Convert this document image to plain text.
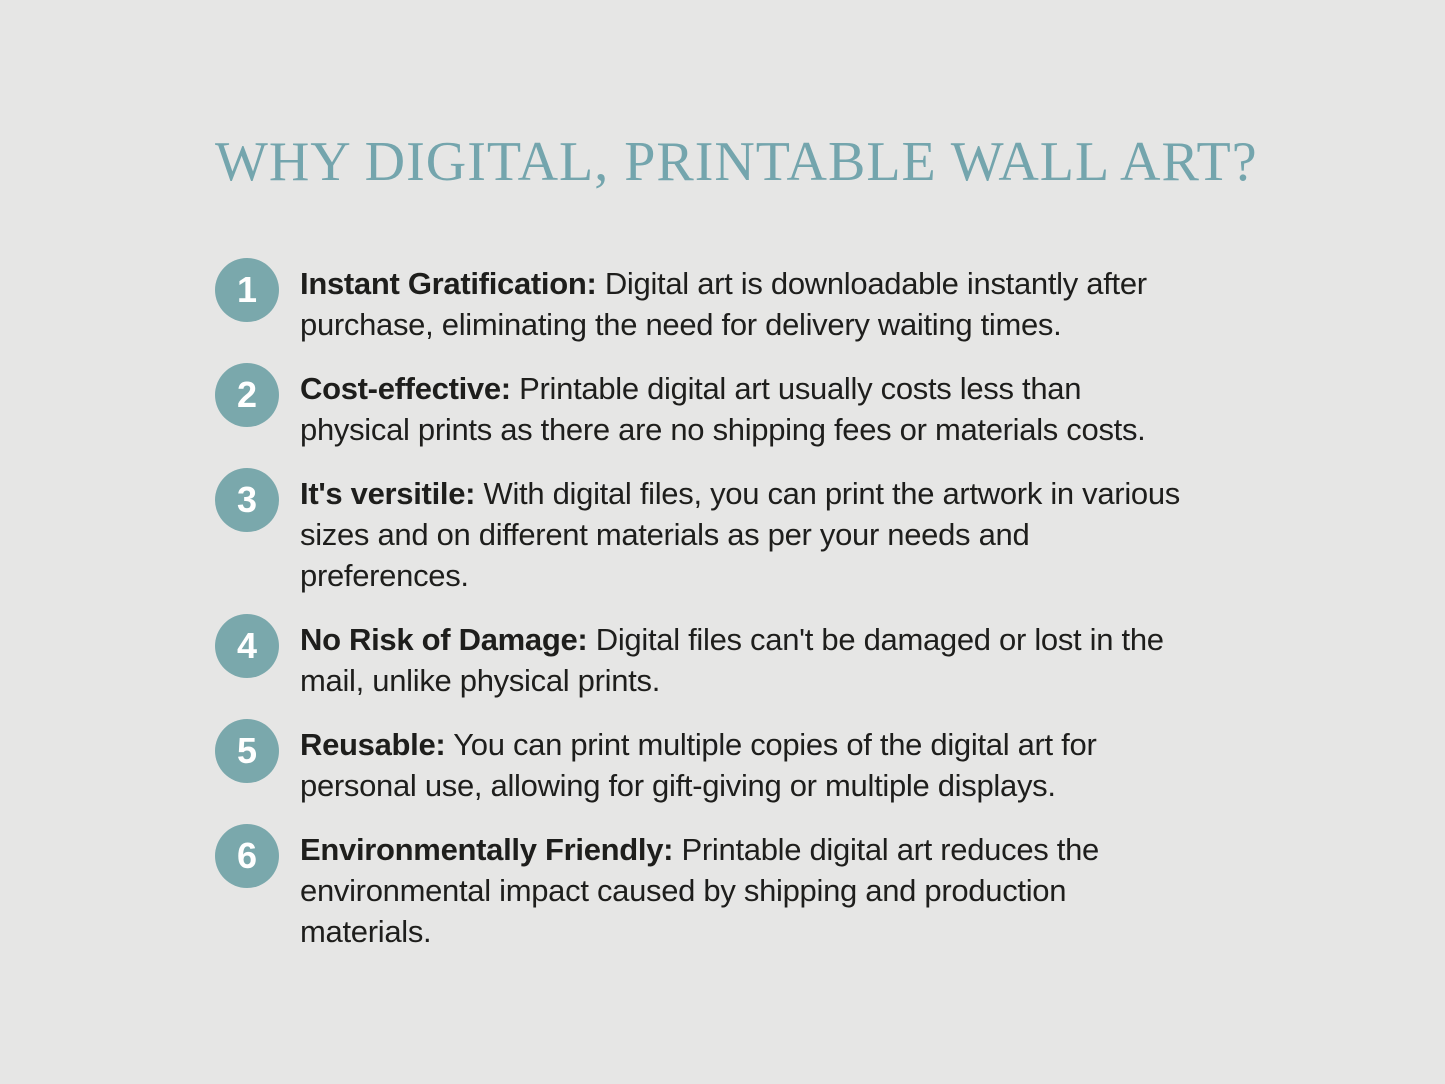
WHY DIGITAL, PRINTABLE WALL ART?
1	Instant Gratification: Digital art is downloadable instantly after
purchase, eliminating the need for delivery waiting times.

2	Cost-effective: Printable digital art usually costs less than
physical prints as there are no shipping fees or materials costs.

3	It's versitile: With digital files, you can print the artwork in various
sizes and on different materials as per your needs and
preferences.

4	No Risk of Damage: Digital files can't be damaged or lost in the
mail, unlike physical prints.

5	Reusable: You can print multiple copies of the digital art for
personal use, allowing for gift-giving or multiple displays.

6	Environmentally Friendly: Printable digital art reduces the
environmental impact caused by shipping and production
materials.
